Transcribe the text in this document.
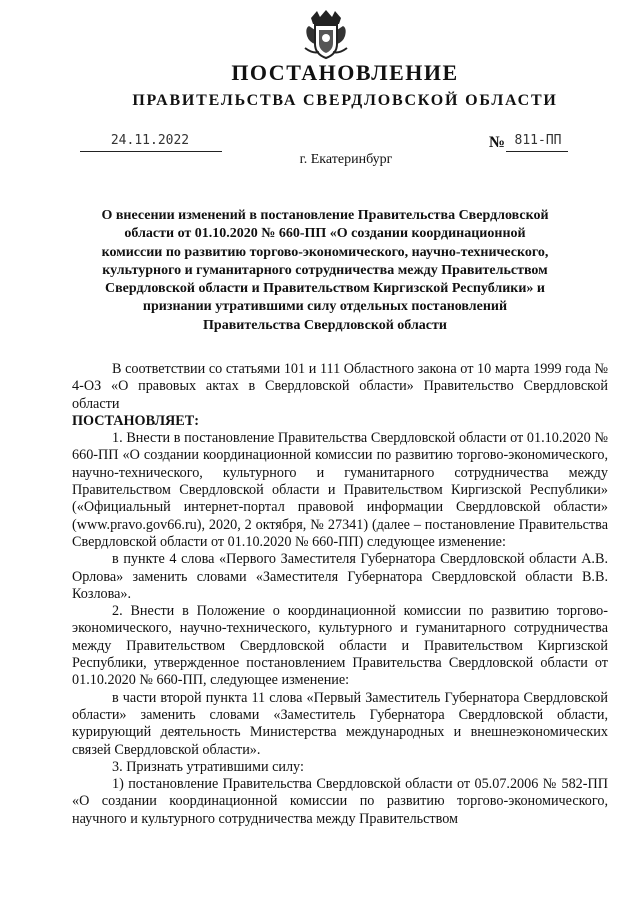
ПОСТАНОВЛЕНИЕ
ПРАВИТЕЛЬСТВА СВЕРДЛОВСКОЙ ОБЛАСТИ
24.11.2022	№ 811-ПП
г. Екатеринбург
О внесении изменений в постановление Правительства Свердловской области от 01.10.2020 № 660-ПП «О создании координационной комиссии по развитию торгово-экономического, научно-технического, культурного и гуманитарного сотрудничества между Правительством Свердловской области и Правительством Киргизской Республики» и признании утратившими силу отдельных постановлений Правительства Свердловской области

В соответствии со статьями 101 и 111 Областного закона от 10 марта 1999 года № 4-ОЗ «О правовых актах в Свердловской области» Правительство Свердловской области

ПОСТАНОВЛЯЕТ:

1. Внести в постановление Правительства Свердловской области от 01.10.2020 № 660-ПП «О создании координационной комиссии по развитию торгово-экономического, научно-технического, культурного и гуманитарного сотрудничества между Правительством Свердловской области и Правительством Киргизской Республики» («Официальный интернет-портал правовой информации Свердловской области» (www.pravo.gov66.ru), 2020, 2 октября, № 27341) (далее – постановление Правительства Свердловской области от 01.10.2020 № 660-ПП) следующее изменение:

в пункте 4 слова «Первого Заместителя Губернатора Свердловской области А.В. Орлова» заменить словами «Заместителя Губернатора Свердловской области В.В. Козлова».

2. Внести в Положение о координационной комиссии по развитию торгово-экономического, научно-технического, культурного и гуманитарного сотрудничества между Правительством Свердловской области и Правительством Киргизской Республики, утвержденное постановлением Правительства Свердловской области от 01.10.2020 № 660-ПП, следующее изменение:

в части второй пункта 11 слова «Первый Заместитель Губернатора Свердловской области» заменить словами «Заместитель Губернатора Свердловской области, курирующий деятельность Министерства международных и внешнеэкономических связей Свердловской области».

3. Признать утратившими силу:

1) постановление Правительства Свердловской области от 05.07.2006 № 582-ПП «О создании координационной комиссии по развитию торгово-экономического, научного и культурного сотрудничества между Правительством
